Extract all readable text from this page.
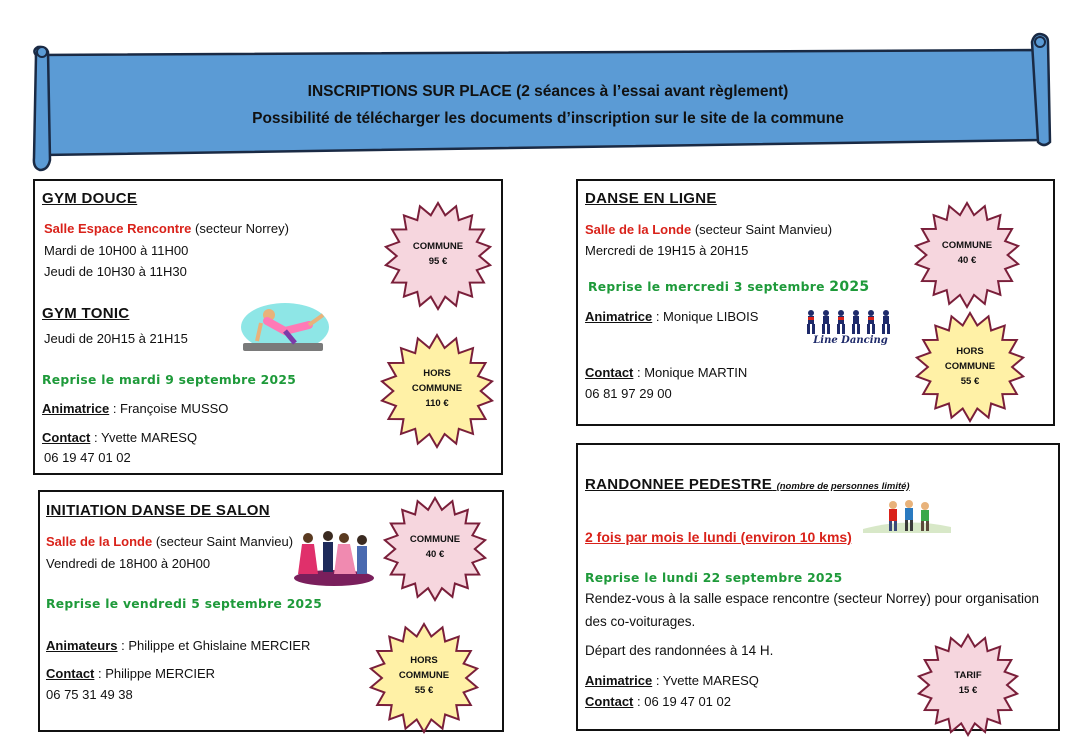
INSCRIPTIONS SUR PLACE (2 séances à l’essai avant règlement)
Possibilité de télécharger les documents d’inscription sur le site de la commune
GYM DOUCE
Salle Espace Rencontre (secteur Norrey)
Mardi de 10H00 à 11H00
Jeudi de 10H30 à 11H30
GYM TONIC
Jeudi de 20H15 à 21H15
Reprise le mardi 9 septembre 2025
Animatrice : Françoise MUSSO
Contact : Yvette MARESQ
06 19 47 01 02
COMMUNE
95 €
HORS
COMMUNE
110 €
INITIATION DANSE DE SALON
Salle de la Londe (secteur Saint Manvieu)
Vendredi de 18H00 à 20H00
Reprise le vendredi 5 septembre 2025
Animateurs : Philippe et Ghislaine MERCIER
Contact : Philippe MERCIER
06 75 31 49 38
COMMUNE
40 €
HORS
COMMUNE
55 €
DANSE EN LIGNE
Salle de la Londe (secteur Saint Manvieu)
Mercredi de 19H15 à 20H15
Reprise le mercredi 3 septembre 2025
Animatrice : Monique LIBOIS
Contact : Monique MARTIN
06 81 97 29 00
Line Dancing
COMMUNE
40 €
HORS
COMMUNE
55 €
RANDONNEE PEDESTRE (nombre de personnes limité)
2 fois par mois le lundi (environ 10 kms)
Reprise le lundi 22 septembre 2025
Rendez-vous à la salle espace rencontre (secteur Norrey) pour organisation
des co-voiturages.
Départ des randonnées à 14 H.
Animatrice : Yvette MARESQ
Contact : 06 19 47 01 02
TARIF
15 €
